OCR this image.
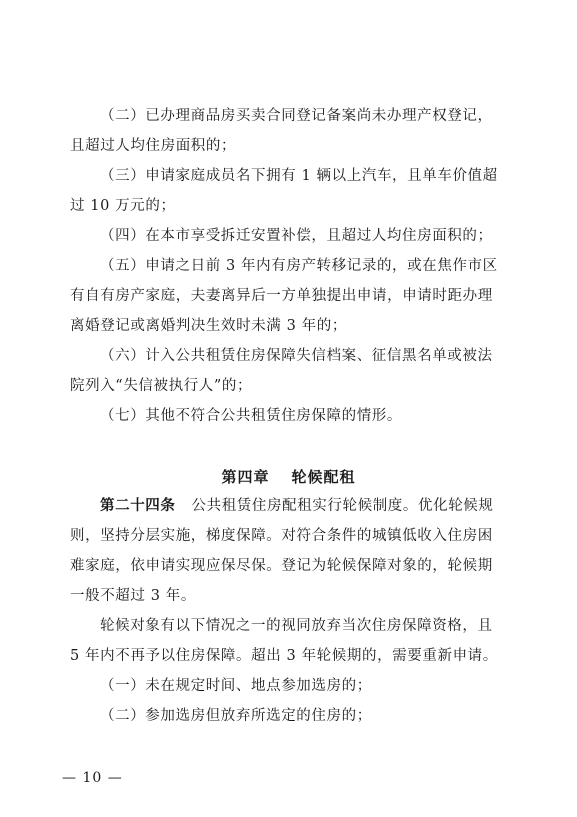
（二）已办理商品房买卖合同登记备案尚未办理产权登记，
且超过人均住房面积的；
（三）申请家庭成员名下拥有 1 辆以上汽车，且单车价值超
过 10 万元的；
（四）在本市享受拆迁安置补偿，且超过人均住房面积的；
（五）申请之日前 3 年内有房产转移记录的，或在焦作市区
有自有房产家庭，夫妻离异后一方单独提出申请，申请时距办理
离婚登记或离婚判决生效时未满 3 年的；
（六）计入公共租赁住房保障失信档案、征信黑名单或被法
院列入“失信被执行人”的；
（七）其他不符合公共租赁住房保障的情形。
第四章 轮候配租
第二十四条 公共租赁住房配租实行轮候制度。优化轮候规
则，坚持分层实施，梯度保障。对符合条件的城镇低收入住房困
难家庭，依申请实现应保尽保。登记为轮候保障对象的，轮候期
一般不超过 3 年。
轮候对象有以下情况之一的视同放弃当次住房保障资格，且
5 年内不再予以住房保障。超出 3 年轮候期的，需要重新申请。
（一）未在规定时间、地点参加选房的；
（二）参加选房但放弃所选定的住房的；
— 10 —
